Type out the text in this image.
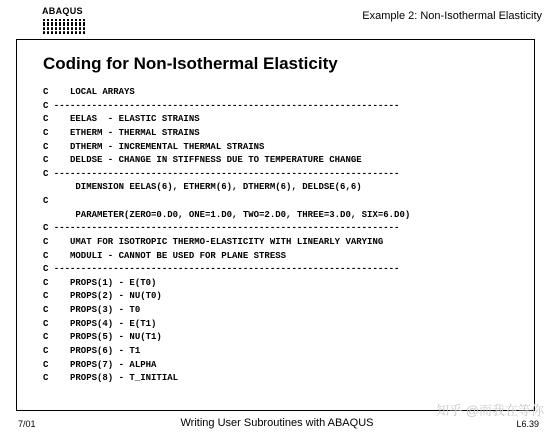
ABAQUS	Example 2: Non-Isothermal Elasticity
Coding for Non-Isothermal Elasticity
C    LOCAL ARRAYS
C ----------------------------------------------------------------
C    EELAS  - ELASTIC STRAINS
C    ETHERM - THERMAL STRAINS
C    DTHERM - INCREMENTAL THERMAL STRAINS
C    DELDSE - CHANGE IN STIFFNESS DUE TO TEMPERATURE CHANGE
C ----------------------------------------------------------------
DIMENSION EELAS(6), ETHERM(6), DTHERM(6), DELDSE(6,6)
C
PARAMETER(ZERO=0.D0, ONE=1.D0, TWO=2.D0, THREE=3.D0, SIX=6.D0)
C ----------------------------------------------------------------
C    UMAT FOR ISOTROPIC THERMO-ELASTICITY WITH LINEARLY VARYING
C    MODULI - CANNOT BE USED FOR PLANE STRESS
C ----------------------------------------------------------------
C    PROPS(1) - E(T0)
C    PROPS(2) - NU(T0)
C    PROPS(3) - T0
C    PROPS(4) - E(T1)
C    PROPS(5) - NU(T1)
C    PROPS(6) - T1
C    PROPS(7) - ALPHA
C    PROPS(8) - T_INITIAL
7/01	Writing User Subroutines with ABAQUS
知乎 @而我在等你
L6.39
